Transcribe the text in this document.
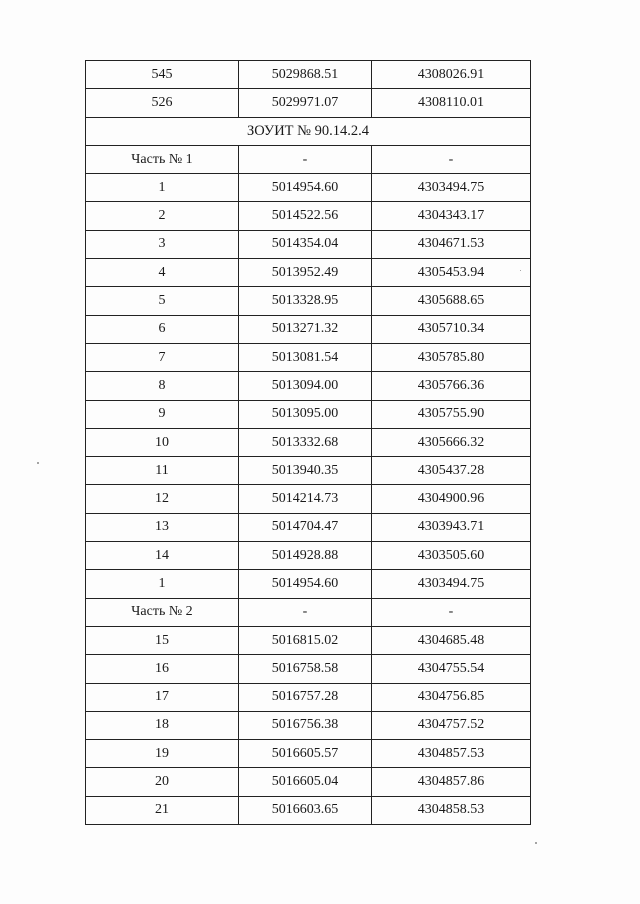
545	5029868.51	4308026.91
526	5029971.07	4308110.01
ЗОУИТ № 90.14.2.4		
Часть № 1	-	-
1	5014954.60	4303494.75
2	5014522.56	4304343.17
3	5014354.04	4304671.53
4	5013952.49	4305453.94
5	5013328.95	4305688.65
6	5013271.32	4305710.34
7	5013081.54	4305785.80
8	5013094.00	4305766.36
9	5013095.00	4305755.90
10	5013332.68	4305666.32
11	5013940.35	4305437.28
12	5014214.73	4304900.96
13	5014704.47	4303943.71
14	5014928.88	4303505.60
1	5014954.60	4303494.75
Часть № 2	-	-
15	5016815.02	4304685.48
16	5016758.58	4304755.54
17	5016757.28	4304756.85
18	5016756.38	4304757.52
19	5016605.57	4304857.53
20	5016605.04	4304857.86
21	5016603.65	4304858.53
